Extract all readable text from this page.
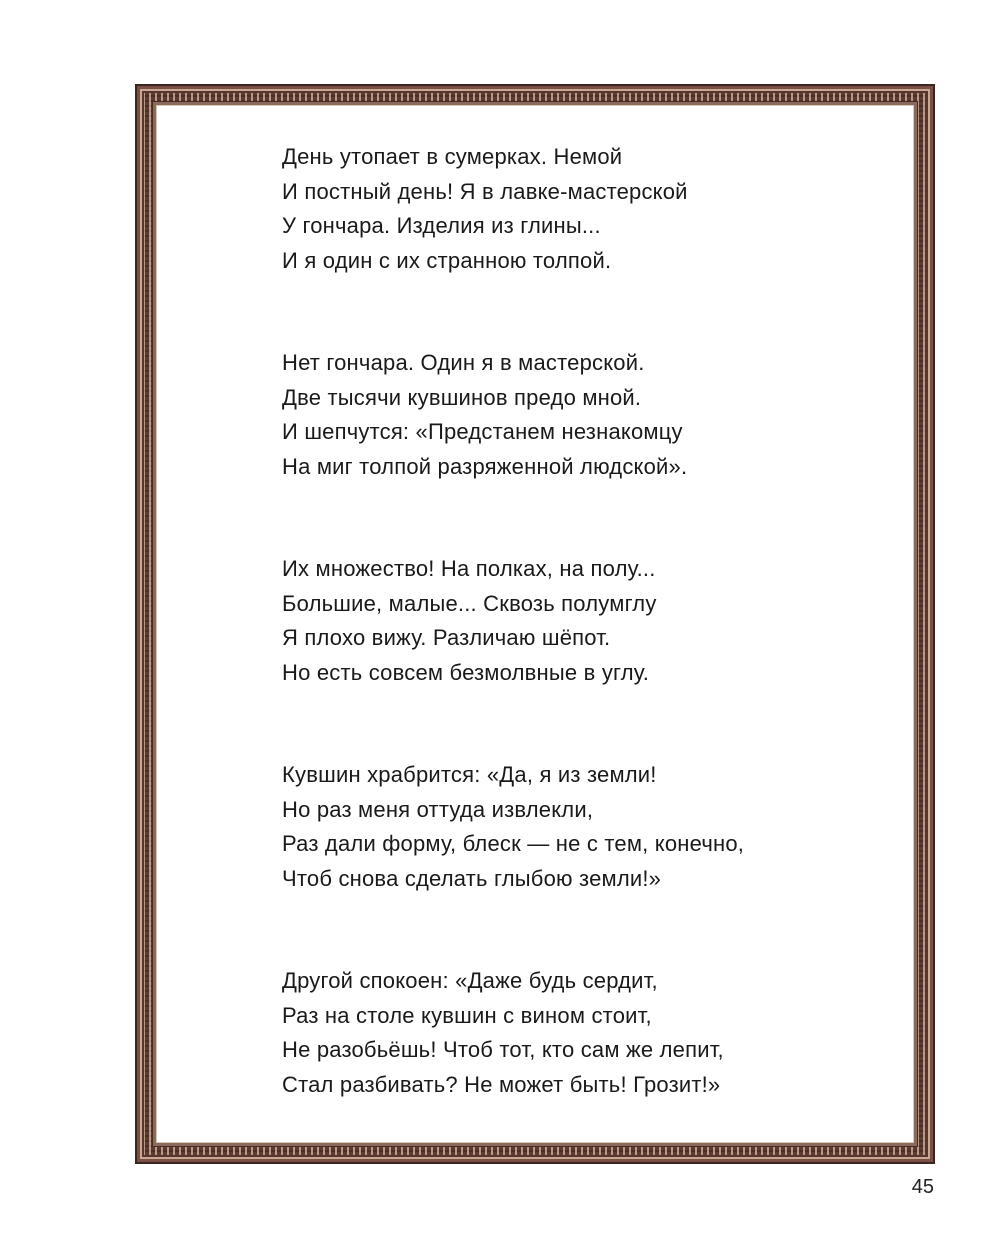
День утопает в сумерках. Немой
И постный день! Я в лавке-мастерской
У гончара. Изделия из глины...
И я один с их странною толпой.
Нет гончара. Один я в мастерской.
Две тысячи кувшинов предо мной.
И шепчутся: «Предстанем незнакомцу
На миг толпой разряженной людской».
Их множество! На полках, на полу...
Большие, малые... Сквозь полумглу
Я плохо вижу. Различаю шёпот.
Но есть совсем безмолвные в углу.
Кувшин храбрится: «Да, я из земли!
Но раз меня оттуда извлекли,
Раз дали форму, блеск — не с тем, конечно,
Чтоб снова сделать глыбою земли!»
Другой спокоен: «Даже будь сердит,
Раз на столе кувшин с вином стоит,
Не разобьёшь! Чтоб тот, кто сам же лепит,
Стал разбивать? Не может быть! Грозит!»
45
